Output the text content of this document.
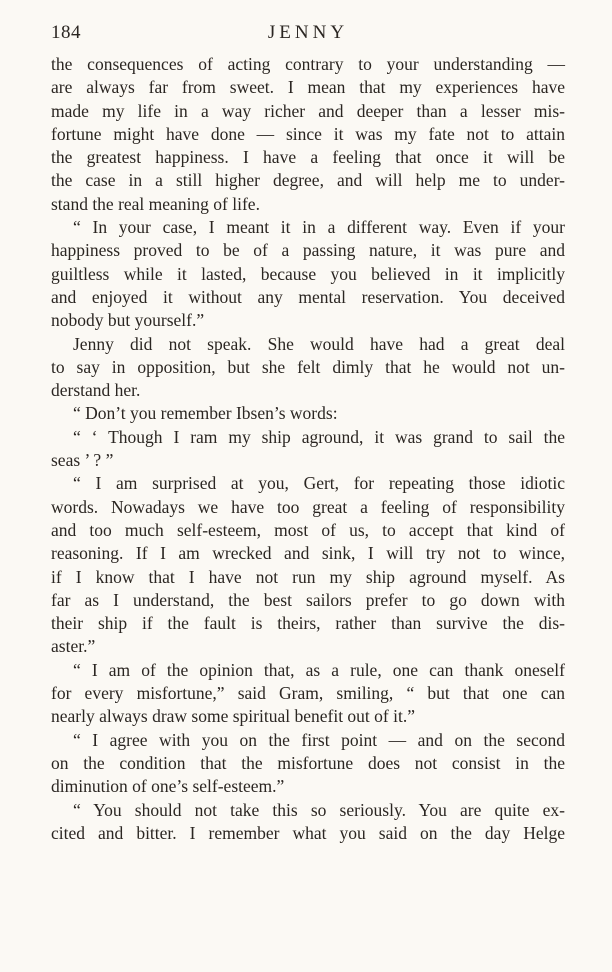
184	JENNY
the consequences of acting contrary to your understanding —
are always far from sweet. I mean that my experiences have
made my life in a way richer and deeper than a lesser mis-
fortune might have done — since it was my fate not to attain
the greatest happiness. I have a feeling that once it will be
the case in a still higher degree, and will help me to under-
stand the real meaning of life.
“ In your case, I meant it in a different way. Even if your
happiness proved to be of a passing nature, it was pure and
guiltless while it lasted, because you believed in it implicitly
and enjoyed it without any mental reservation. You deceived
nobody but yourself.”
Jenny did not speak. She would have had a great deal
to say in opposition, but she felt dimly that he would not un-
derstand her.
“ Don’t you remember Ibsen’s words:
“ ‘ Though I ram my ship aground, it was grand to sail the
seas ’ ? ”
“ I am surprised at you, Gert, for repeating those idiotic
words. Nowadays we have too great a feeling of responsibility
and too much self-esteem, most of us, to accept that kind of
reasoning. If I am wrecked and sink, I will try not to wince,
if I know that I have not run my ship aground myself. As
far as I understand, the best sailors prefer to go down with
their ship if the fault is theirs, rather than survive the dis-
aster.”
“ I am of the opinion that, as a rule, one can thank oneself
for every misfortune,” said Gram, smiling, “ but that one can
nearly always draw some spiritual benefit out of it.”
“ I agree with you on the first point — and on the second
on the condition that the misfortune does not consist in the
diminution of one’s self-esteem.”
“ You should not take this so seriously. You are quite ex-
cited and bitter. I remember what you said on the day Helge
